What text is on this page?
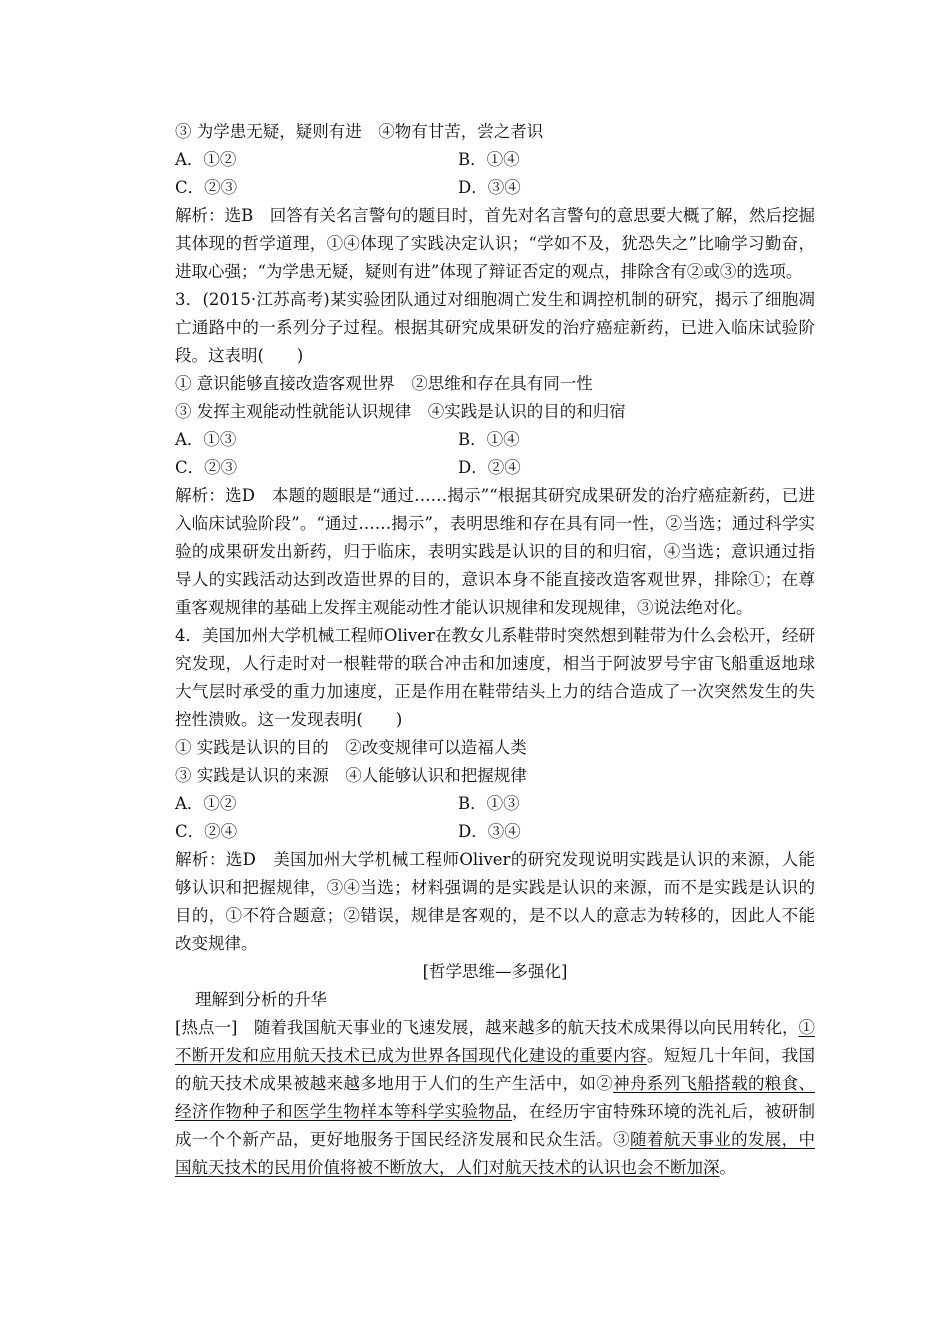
③ 为学患无疑，疑则有进　④物有甘苦，尝之者识
A．①②	B．①④
C．②③	D．③④
解析：选B　回答有关名言警句的题目时，首先对名言警句的意思要大概了解，然后挖掘其体现的哲学道理，①④体现了实践决定认识；“学如不及，犹恐失之”比喻学习勤奋，进取心强；“为学患无疑，疑则有进”体现了辩证否定的观点，排除含有②或③的选项。
3．(2015·江苏高考)某实验团队通过对细胞凋亡发生和调控机制的研究，揭示了细胞凋亡通路中的一系列分子过程。根据其研究成果研发的治疗癌症新药，已进入临床试验阶段。这表明(　　)
① 意识能够直接改造客观世界　②思维和存在具有同一性
③ 发挥主观能动性就能认识规律　④实践是认识的目的和归宿
A．①③	B．①④
C．②③	D．②④
解析：选D　本题的题眼是“通过……揭示”“根据其研究成果研发的治疗癌症新药，已进入临床试验阶段”。“通过……揭示”，表明思维和存在具有同一性，②当选；通过科学实验的成果研发出新药，归于临床，表明实践是认识的目的和归宿，④当选；意识通过指导人的实践活动达到改造世界的目的，意识本身不能直接改造客观世界，排除①；在尊重客观规律的基础上发挥主观能动性才能认识规律和发现规律，③说法绝对化。
4．美国加州大学机械工程师Oliver在教女儿系鞋带时突然想到鞋带为什么会松开，经研究发现，人行走时对一根鞋带的联合冲击和加速度，相当于阿波罗号宇宙飞船重返地球大气层时承受的重力加速度，正是作用在鞋带结头上力的结合造成了一次突然发生的失控性溃败。这一发现表明(　　)
① 实践是认识的目的　②改变规律可以造福人类
③ 实践是认识的来源　④人能够认识和把握规律
A．①②	B．①③
C．②④	D．③④
解析：选D　美国加州大学机械工程师Oliver的研究发现说明实践是认识的来源，人能够认识和把握规律，③④当选；材料强调的是实践是认识的来源，而不是实践是认识的目的，①不符合题意；②错误，规律是客观的，是不以人的意志为转移的，因此人不能改变规律。
[哲学思维—多强化]
理解到分析的升华
[热点一]　随着我国航天事业的飞速发展，越来越多的航天技术成果得以向民用转化，①不断开发和应用航天技术已成为世界各国现代化建设的重要内容。短短几十年间，我国的航天技术成果被越来越多地用于人们的生产生活中，如②神舟系列飞船搭载的粮食、经济作物种子和医学生物样本等科学实验物品，在经历宇宙特殊环境的洗礼后，被研制成一个个新产品，更好地服务于国民经济发展和民众生活。③随着航天事业的发展，中国航天技术的民用价值将被不断放大，人们对航天技术的认识也会不断加深。
